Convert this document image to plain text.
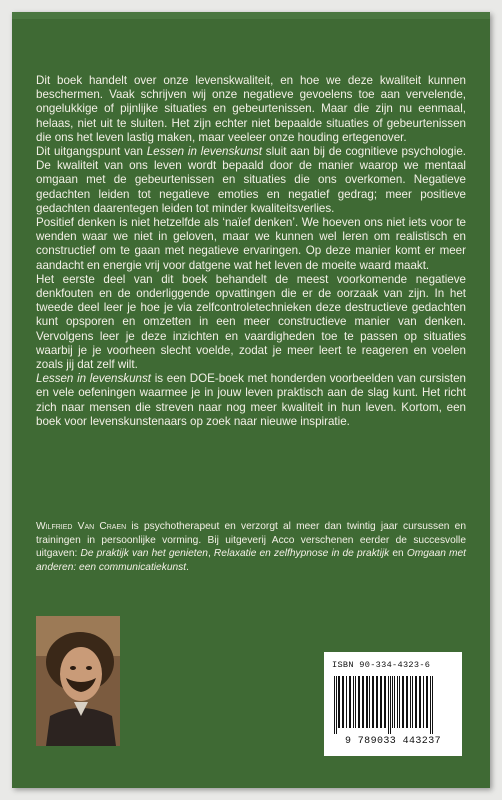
Dit boek handelt over onze levenskwaliteit, en hoe we deze kwaliteit kunnen beschermen. Vaak schrijven wij onze negatieve gevoelens toe aan vervelende, ongelukkige of pijnlijke situaties en gebeurtenissen. Maar die zijn nu eenmaal, helaas, niet uit te sluiten. Het zijn echter niet bepaalde situaties of gebeurtenissen die ons het leven lastig maken, maar veeleer onze houding ertegenover.

Dit uitgangspunt van Lessen in levenskunst sluit aan bij de cognitieve psychologie. De kwaliteit van ons leven wordt bepaald door de manier waarop we mentaal omgaan met de gebeurtenissen en situaties die ons overkomen. Negatieve gedachten leiden tot negatieve emoties en negatief gedrag; meer positieve gedachten daarentegen leiden tot minder kwaliteitsverlies.

Positief denken is niet hetzelfde als ‘naïef denken’. We hoeven ons niet iets voor te wenden waar we niet in geloven, maar we kunnen wel leren om realistisch en constructief om te gaan met negatieve ervaringen. Op deze manier komt er meer aandacht en energie vrij voor datgene wat het leven de moeite waard maakt.

Het eerste deel van dit boek behandelt de meest voorkomende negatieve denkfouten en de onderliggende opvattingen die er de oorzaak van zijn. In het tweede deel leer je hoe je via zelfcontroletechnieken deze destructieve gedachten kunt opsporen en omzetten in een meer constructieve manier van denken. Vervolgens leer je deze inzichten en vaardigheden toe te passen op situaties waarbij je je voorheen slecht voelde, zodat je meer leert te reageren en voelen zoals jij dat zelf wilt.

Lessen in levenskunst is een DOE-boek met honderden voorbeelden van cursisten en vele oefeningen waarmee je in jouw leven praktisch aan de slag kunt. Het richt zich naar mensen die streven naar nog meer kwaliteit in hun leven. Kortom, een boek voor levenskunstenaars op zoek naar nieuwe inspiratie.

Wilfried Van Craen is psychotherapeut en verzorgt al meer dan twintig jaar cursussen en trainingen in persoonlijke vorming. Bij uitgeverij Acco verschenen eerder de succesvolle uitgaven: De praktijk van het genieten, Relaxatie en zelfhypnose in de praktijk en Omgaan met anderen: een communicatiekunst.
ISBN 90-334-4323-6
9 789033 443237
